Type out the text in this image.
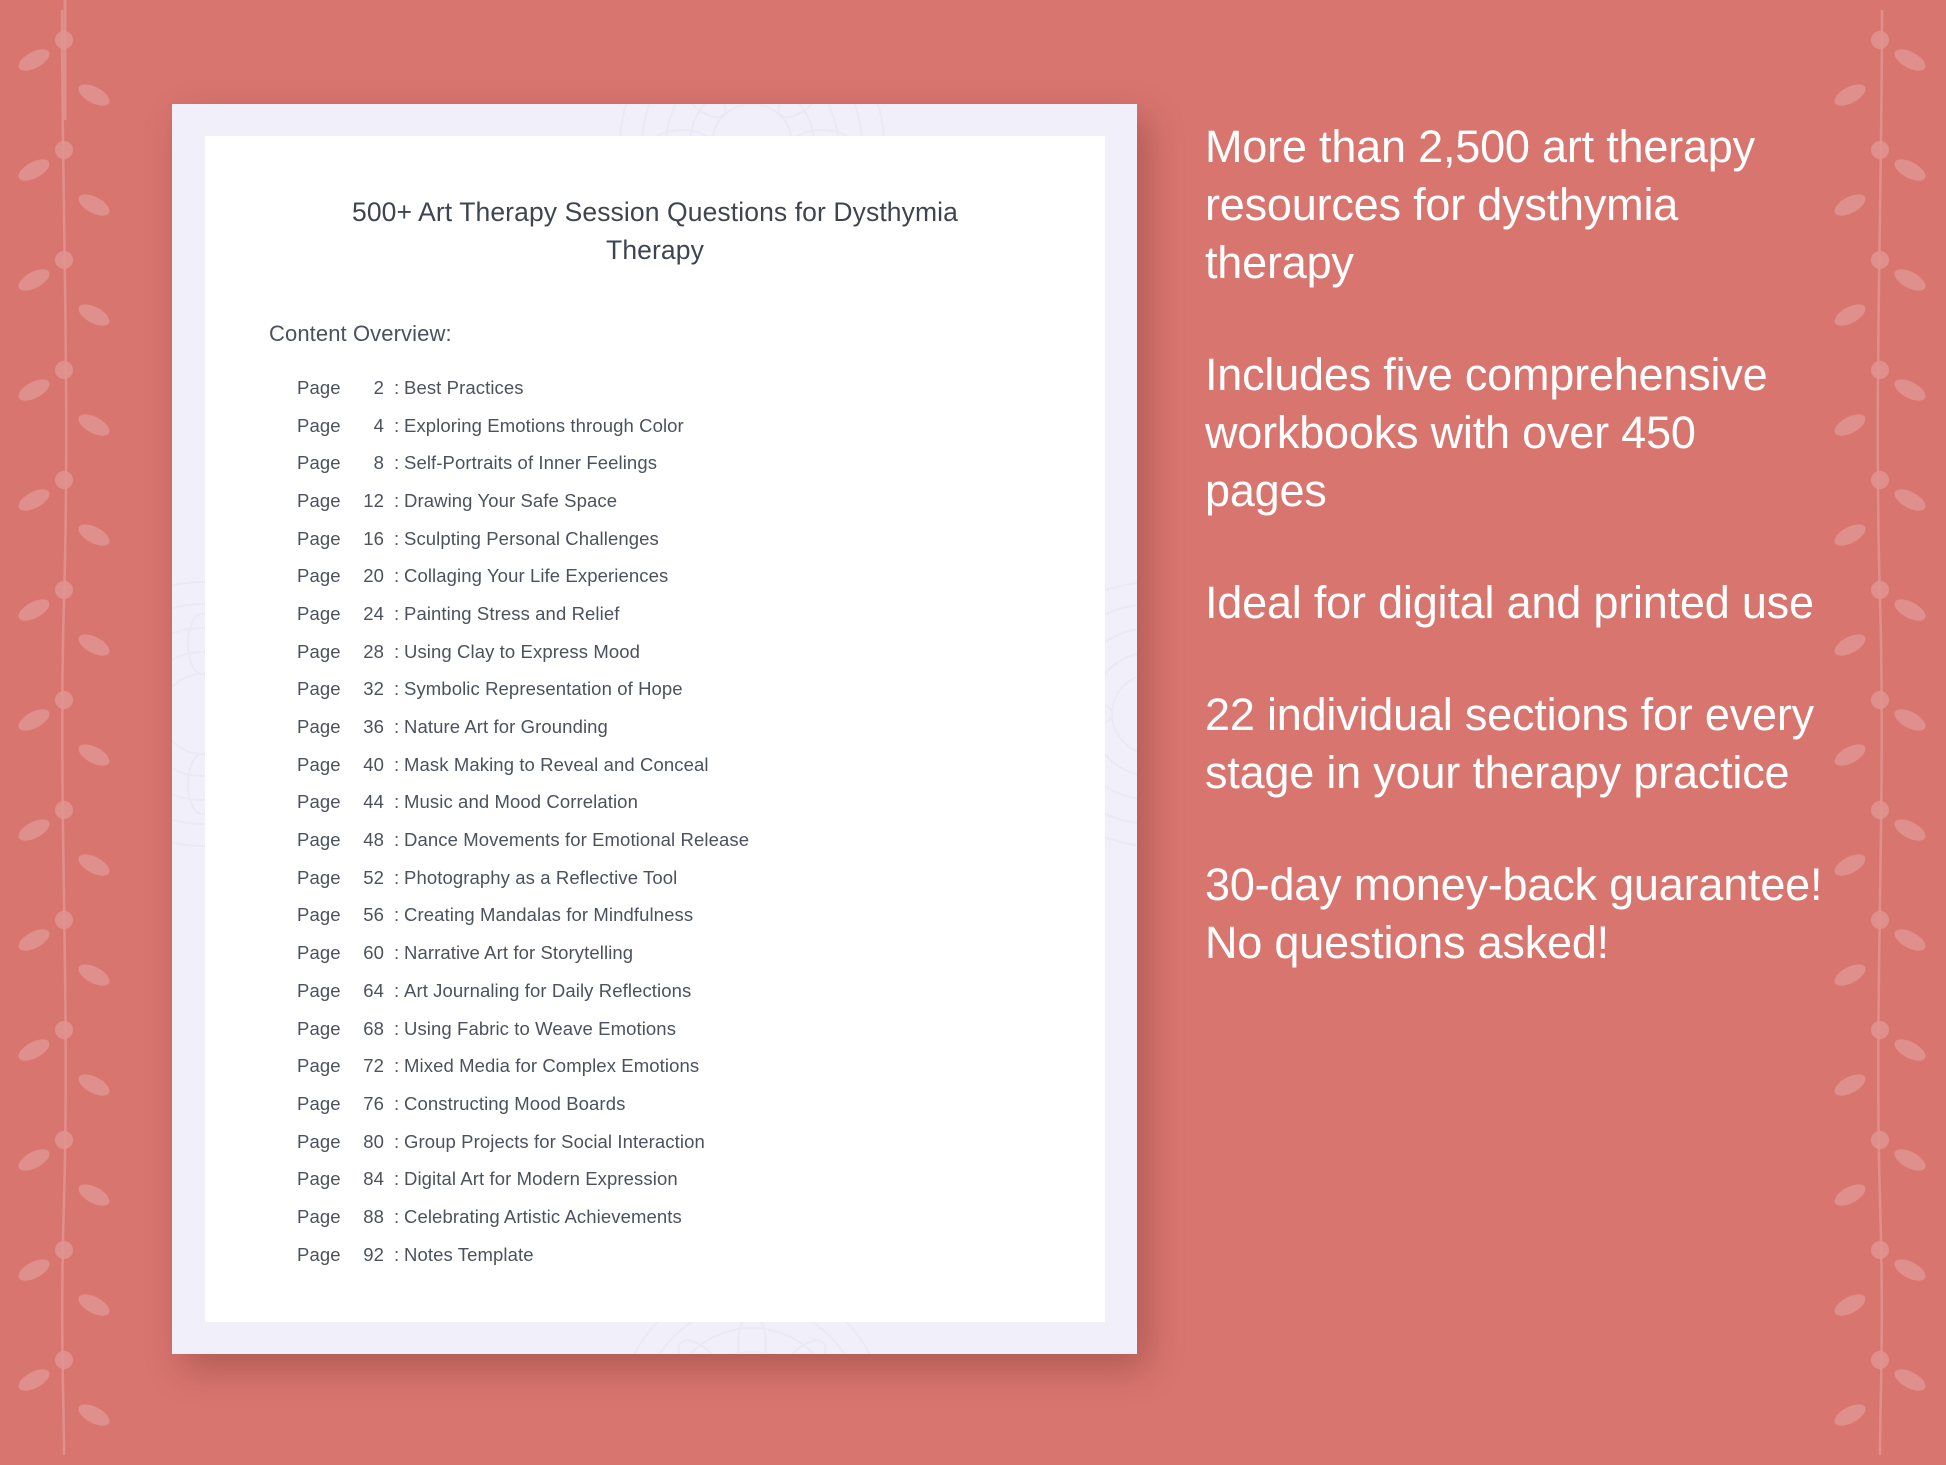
500+ Art Therapy Session Questions for Dysthymia Therapy

Content Overview:

Page	2 : Best Practices
Page	4 : Exploring Emotions through Color
Page	8 : Self-Portraits of Inner Feelings
Page	12 : Drawing Your Safe Space
Page	16 : Sculpting Personal Challenges
Page	20 : Collaging Your Life Experiences
Page	24 : Painting Stress and Relief
Page	28 : Using Clay to Express Mood
Page	32 : Symbolic Representation of Hope
Page	36 : Nature Art for Grounding
Page	40 : Mask Making to Reveal and Conceal
Page	44 : Music and Mood Correlation
Page	48 : Dance Movements for Emotional Release
Page	52 : Photography as a Reflective Tool
Page	56 : Creating Mandalas for Mindfulness
Page	60 : Narrative Art for Storytelling
Page	64 : Art Journaling for Daily Reflections
Page	68 : Using Fabric to Weave Emotions
Page	72 : Mixed Media for Complex Emotions
Page	76 : Constructing Mood Boards
Page	80 : Group Projects for Social Interaction
Page	84 : Digital Art for Modern Expression
Page	88 : Celebrating Artistic Achievements
Page	92 : Notes Template

More than 2,500 art therapy resources for dysthymia therapy

Includes five comprehensive workbooks with over 450 pages

Ideal for digital and printed use

22 individual sections for every stage in your therapy practice

30-day money-back guarantee! No questions asked!
